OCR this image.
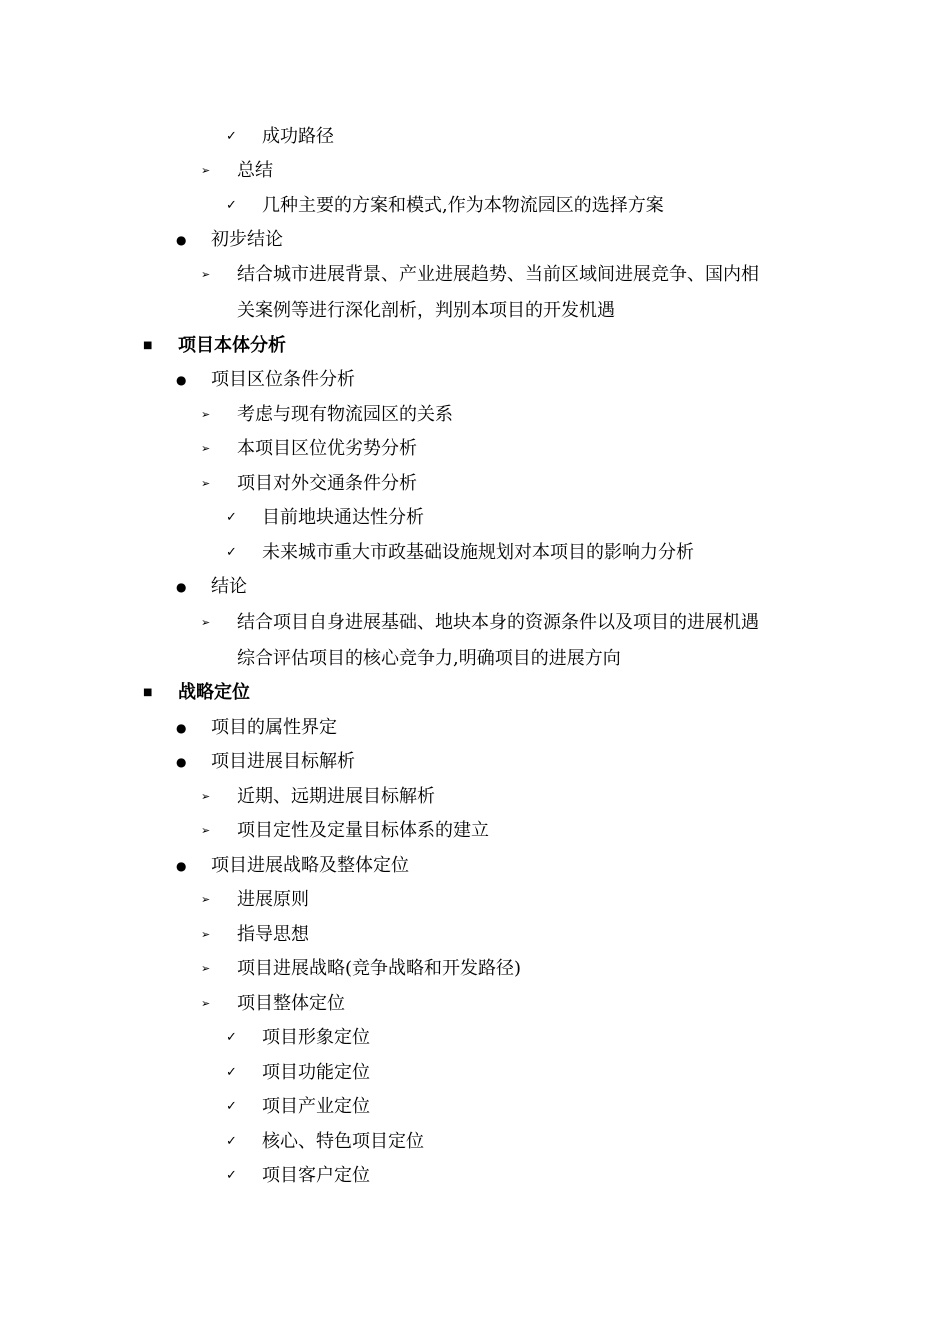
✓ 成功路径
➢ 总结
✓ 几种主要的方案和模式,作为本物流园区的选择方案
● 初步结论
➢ 结合城市进展背景、产业进展趋势、当前区域间进展竞争、国内相
关案例等进行深化剖析，判别本项目的开发机遇
■ 项目本体分析
● 项目区位条件分析
➢ 考虑与现有物流园区的关系
➢ 本项目区位优劣势分析
➢ 项目对外交通条件分析
✓ 目前地块通达性分析
✓ 未来城市重大市政基础设施规划对本项目的影响力分析
● 结论
➢ 结合项目自身进展基础、地块本身的资源条件以及项目的进展机遇
综合评估项目的核心竞争力,明确项目的进展方向
■ 战略定位
● 项目的属性界定
● 项目进展目标解析
➢ 近期、远期进展目标解析
➢ 项目定性及定量目标体系的建立
● 项目进展战略及整体定位
➢ 进展原则
➢ 指导思想
➢ 项目进展战略(竞争战略和开发路径)
➢ 项目整体定位
✓ 项目形象定位
✓ 项目功能定位
✓ 项目产业定位
✓ 核心、特色项目定位
✓ 项目客户定位
